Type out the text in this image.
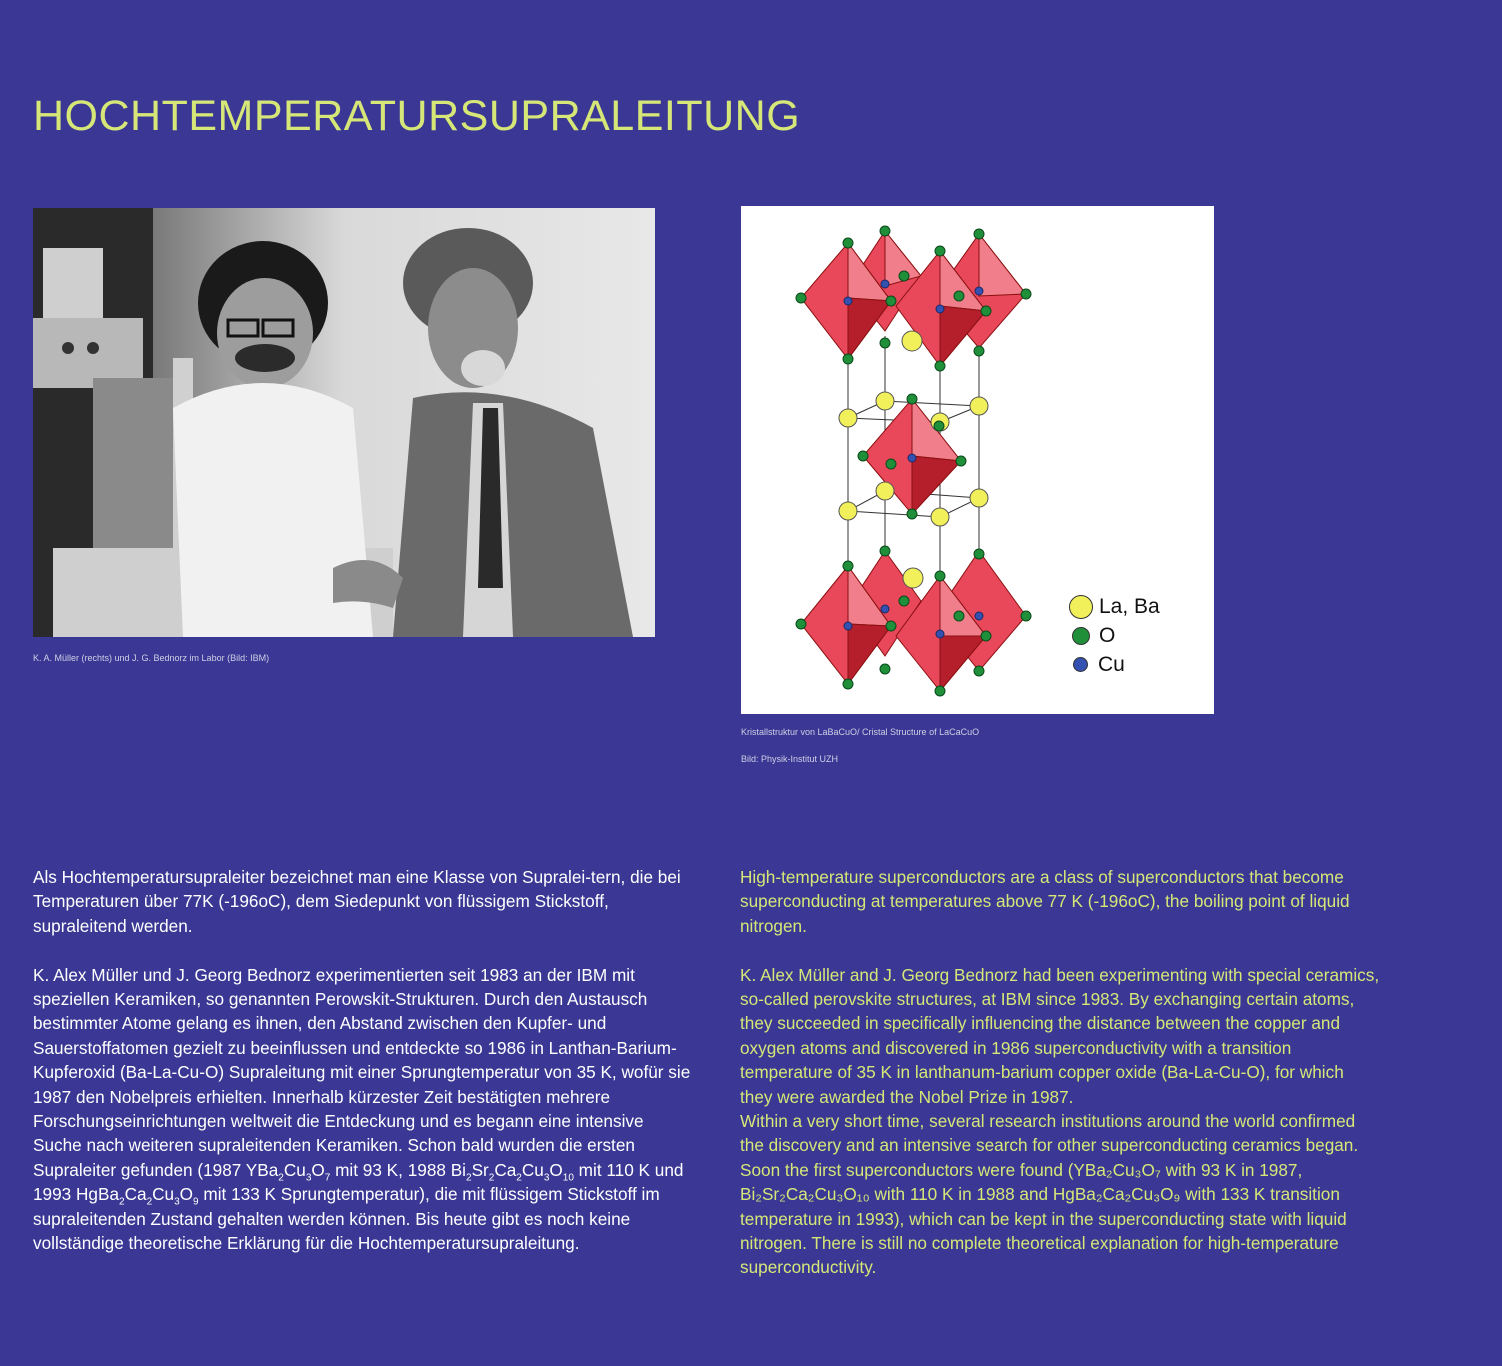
HOCHTEMPERATURSUPRALEITUNG
K. A. Müller (rechts) und J. G. Bednorz im Labor (Bild: IBM)
La, Ba
O
Cu
Kristallstruktur von LaBaCuO/ Cristal Structure of LaCaCuO
Bild: Physik-Institut UZH

Als Hochtemperatursupraleiter bezeichnet man eine Klasse von Supralei-tern, die bei Temperaturen über 77K (-196oC), dem Siedepunkt von flüssigem Stickstoff, supraleitend werden.

K. Alex Müller und J. Georg Bednorz experimentierten seit 1983 an der IBM mit speziellen Keramiken, so genannten Perowskit-Strukturen. Durch den Austausch bestimmter Atome gelang es ihnen, den Abstand zwischen den Kupfer- und Sauerstoffatomen gezielt zu beeinflussen und entdeckte so 1986 in Lanthan-Barium-Kupferoxid (Ba-La-Cu-O) Supraleitung mit einer Sprungtemperatur von 35 K, wofür sie 1987 den Nobelpreis erhielten. Innerhalb kürzester Zeit bestätigten mehrere Forschungseinrichtungen weltweit die Entdeckung und es begann eine intensive Suche nach weiteren supraleitenden Keramiken. Schon bald wurden die ersten Supraleiter gefunden (1987 $YBa_2Cu_3O_7$ mit 93 K, 1988 $Bi_2Sr_2Ca_2Cu_3O_{10}$ mit 110 K und 1993 $HgBa_2Ca_2Cu_3O_9$ mit 133 K Sprungtemperatur), die mit flüssigem Stickstoff im supraleitenden Zustand gehalten werden können. Bis heute gibt es noch keine vollständige theoretische Erklärung für die Hochtemperatursupraleitung.

High-temperature superconductors are a class of superconductors that become superconducting at temperatures above 77 K (-196oC), the boiling point of liquid nitrogen.

K. Alex Müller and J. Georg Bednorz had been experimenting with special ceramics, so-called perovskite structures, at IBM since 1983. By exchanging certain atoms, they succeeded in specifically influencing the distance between the copper and oxygen atoms and discovered in 1986 superconductivity with a transition temperature of 35 K in lanthanum-barium copper oxide (Ba-La-Cu-O), for which they were awarded the Nobel Prize in 1987.

Within a very short time, several research institutions around the world confirmed the discovery and an intensive search for other superconducting ceramics began. Soon the first superconductors were found (YBa₂Cu₃O₇ with 93 K in 1987, Bi₂Sr₂Ca₂Cu₃O₁₀ with 110 K in 1988 and HgBa₂Ca₂Cu₃O₉ with 133 K transition temperature in 1993), which can be kept in the superconducting state with liquid nitrogen. There is still no complete theoretical explanation for high-temperature superconductivity.
